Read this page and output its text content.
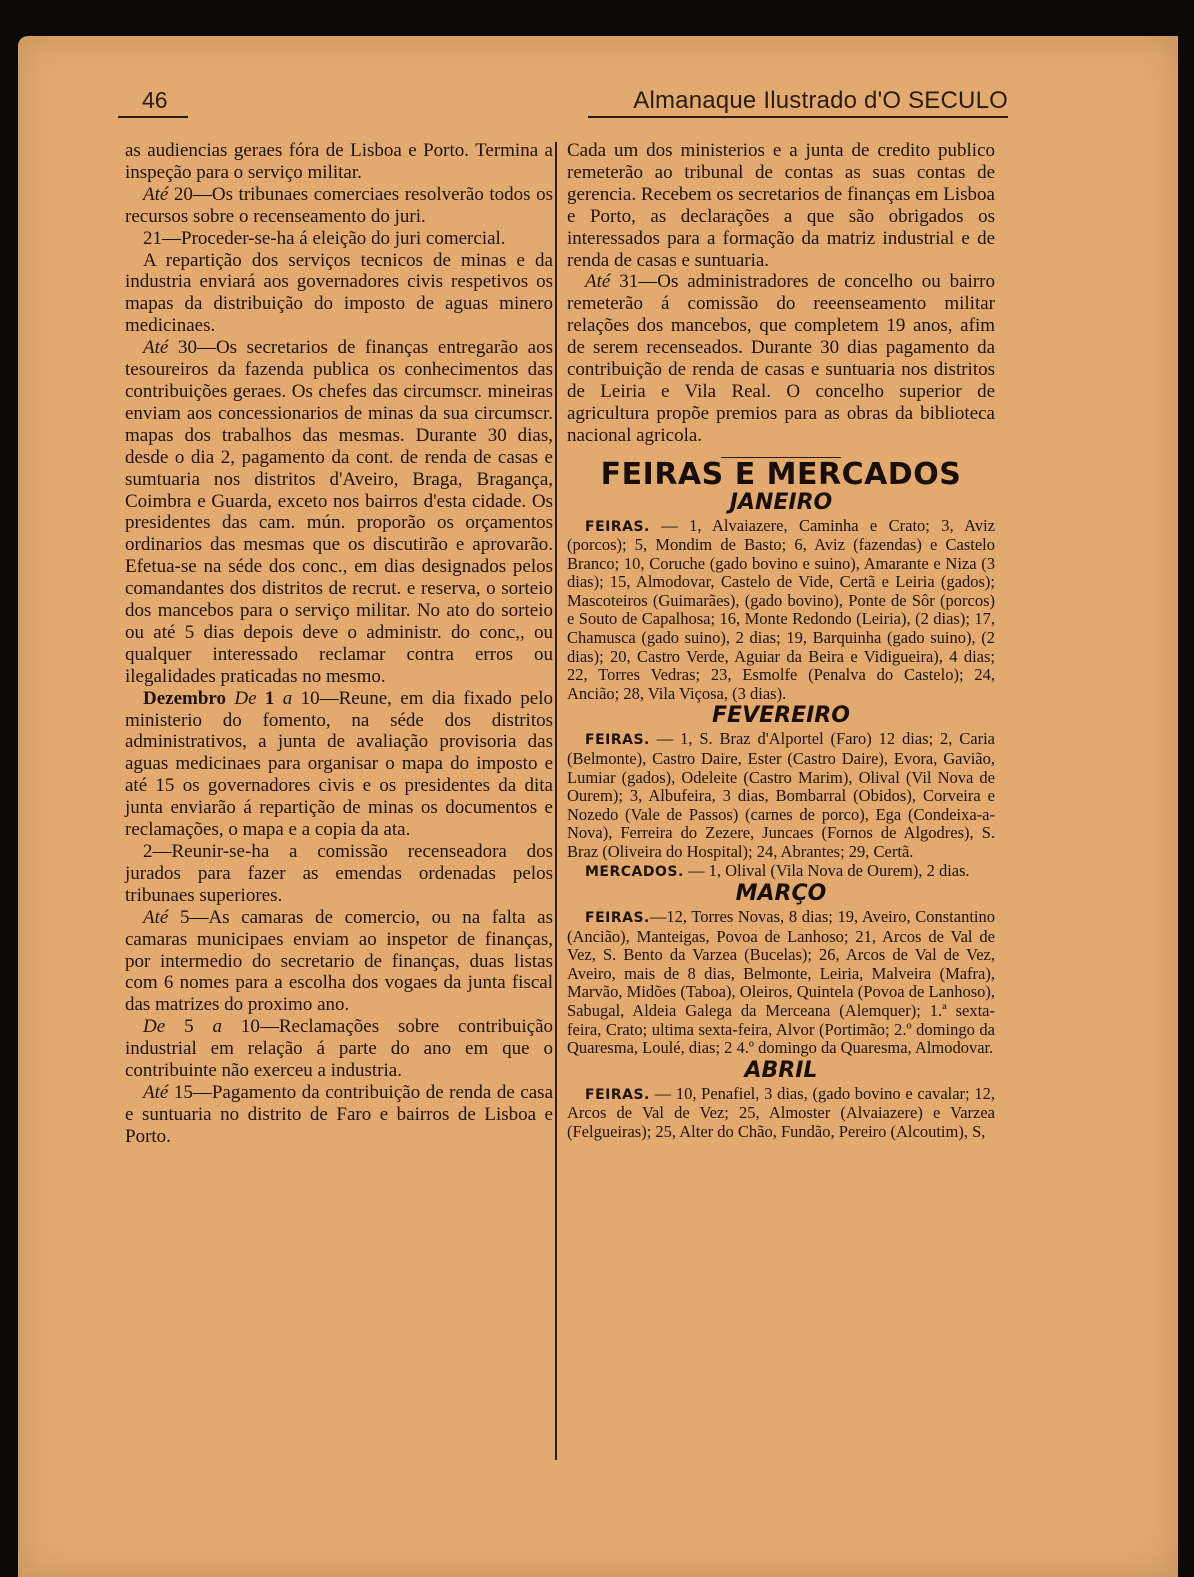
46	Almanaque Ilustrado d'O SECULO

as audiencias geraes fóra de Lisboa e Porto. Termina a inspeção para o serviço militar.

Até 20—Os tribunaes comerciaes resolverão todos os recursos sobre o recenseamento do juri.

21—Proceder-se-ha á eleição do juri comercial.

A repartição dos serviços tecnicos de minas e da industria enviará aos governadores civis respetivos os mapas da distribuição do imposto de aguas minero medicinaes.

Até 30—Os secretarios de finanças entregarão aos tesoureiros da fazenda publica os conhecimentos das contribuições geraes. Os chefes das circumscr. mineiras enviam aos concessionarios de minas da sua circumscr. mapas dos trabalhos das mesmas. Durante 30 dias, desde o dia 2, pagamento da cont. de renda de casas e sumtuaria nos distritos d'Aveiro, Braga, Bragança, Coimbra e Guarda, exceto nos bairros d'esta cidade. Os presidentes das cam. mún. proporão os orçamentos ordinarios das mesmas que os discutirão e aprovarão. Efetua-se na séde dos conc., em dias designados pelos comandantes dos distritos de recrut. e reserva, o sorteio dos mancebos para o serviço militar. No ato do sorteio ou até 5 dias depois deve o administr. do conc,, ou qualquer interessado reclamar contra erros ou ilegalidades praticadas no mesmo.

Dezembro De 1 a 10—Reune, em dia fixado pelo ministerio do fomento, na séde dos distritos administrativos, a junta de avaliação provisoria das aguas medicinaes para organisar o mapa do imposto e até 15 os governadores civis e os presidentes da dita junta enviarão á repartição de minas os documentos e reclamações, o mapa e a copia da ata.

2—Reunir-se-ha a comissão recenseadora dos jurados para fazer as emendas ordenadas pelos tribunaes superiores.

Até 5—As camaras de comercio, ou na falta as camaras municipaes enviam ao inspetor de finanças, por intermedio do secretario de finanças, duas listas com 6 nomes para a escolha dos vogaes da junta fiscal das matrizes do proximo ano.

De 5 a 10—Reclamações sobre contribuição industrial em relação á parte do ano em que o contribuinte não exerceu a industria.

Até 15—Pagamento da contribuição de renda de casa e suntuaria no distrito de Faro e bairros de Lisboa e Porto.

Cada um dos ministerios e a junta de credito publico remeterão ao tribunal de contas as suas contas de gerencia. Recebem os secretarios de finanças em Lisboa e Porto, as declarações a que são obrigados os interessados para a formação da matriz industrial e de renda de casas e suntuaria.

Até 31—Os administradores de concelho ou bairro remeterão á comissão do reeenseamento militar relações dos mancebos, que completem 19 anos, afim de serem recenseados. Durante 30 dias pagamento da contribuição de renda de casas e suntuaria nos distritos de Leiria e Vila Real. O concelho superior de agricultura propõe premios para as obras da biblioteca nacional agricola.

FEIRAS E MERCADOS
JANEIRO

FEIRAS. — 1, Alvaiazere, Caminha e Crato; 3, Aviz (porcos); 5, Mondim de Basto; 6, Aviz (fazendas) e Castelo Branco; 10, Coruche (gado bovino e suino), Amarante e Niza (3 dias); 15, Almodovar, Castelo de Vide, Certã e Leiria (gados); Mascoteiros (Guimarães), (gado bovino), Ponte de Sôr (porcos) e Souto de Capalhosa; 16, Monte Redondo (Leiria), (2 dias); 17, Chamusca (gado suino), 2 dias; 19, Barquinha (gado suino), (2 dias); 20, Castro Verde, Aguiar da Beira e Vidigueira), 4 dias; 22, Torres Vedras; 23, Esmolfe (Penalva do Castelo); 24, Ancião; 28, Vila Viçosa, (3 dias).

FEVEREIRO

FEIRAS. — 1, S. Braz d'Alportel (Faro) 12 dias; 2, Caria (Belmonte), Castro Daire, Ester (Castro Daire), Evora, Gavião, Lumiar (gados), Odeleite (Castro Marim), Olival (Vil Nova de Ourem); 3, Albufeira, 3 dias, Bombarral (Obidos), Corveira e Nozedo (Vale de Passos) (carnes de porco), Ega (Condeixa-a-Nova), Ferreira do Zezere, Juncaes (Fornos de Algodres), S. Braz (Oliveira do Hospital); 24, Abrantes; 29, Certã.

MERCADOS. — 1, Olival (Vila Nova de Ourem), 2 dias.

MARÇO

FEIRAS.—12, Torres Novas, 8 dias; 19, Aveiro, Constantino (Ancião), Manteigas, Povoa de Lanhoso; 21, Arcos de Val de Vez, S. Bento da Varzea (Bucelas); 26, Arcos de Val de Vez, Aveiro, mais de 8 dias, Belmonte, Leiria, Malveira (Mafra), Marvão, Midões (Taboa), Oleiros, Quintela (Povoa de Lanhoso), Sabugal, Aldeia Galega da Merceana (Alemquer); 1.ª sexta-feira, Crato; ultima sexta-feira, Alvor (Portimão; 2.º domingo da Quaresma, Loulé, dias; 2 4.º domingo da Quaresma, Almodovar.

ABRIL

FEIRAS. — 10, Penafiel, 3 dias, (gado bovino e cavalar; 12, Arcos de Val de Vez; 25, Almoster (Alvaiazere) e Varzea (Felgueiras); 25, Alter do Chão, Fundão, Pereiro (Alcoutim), S,
